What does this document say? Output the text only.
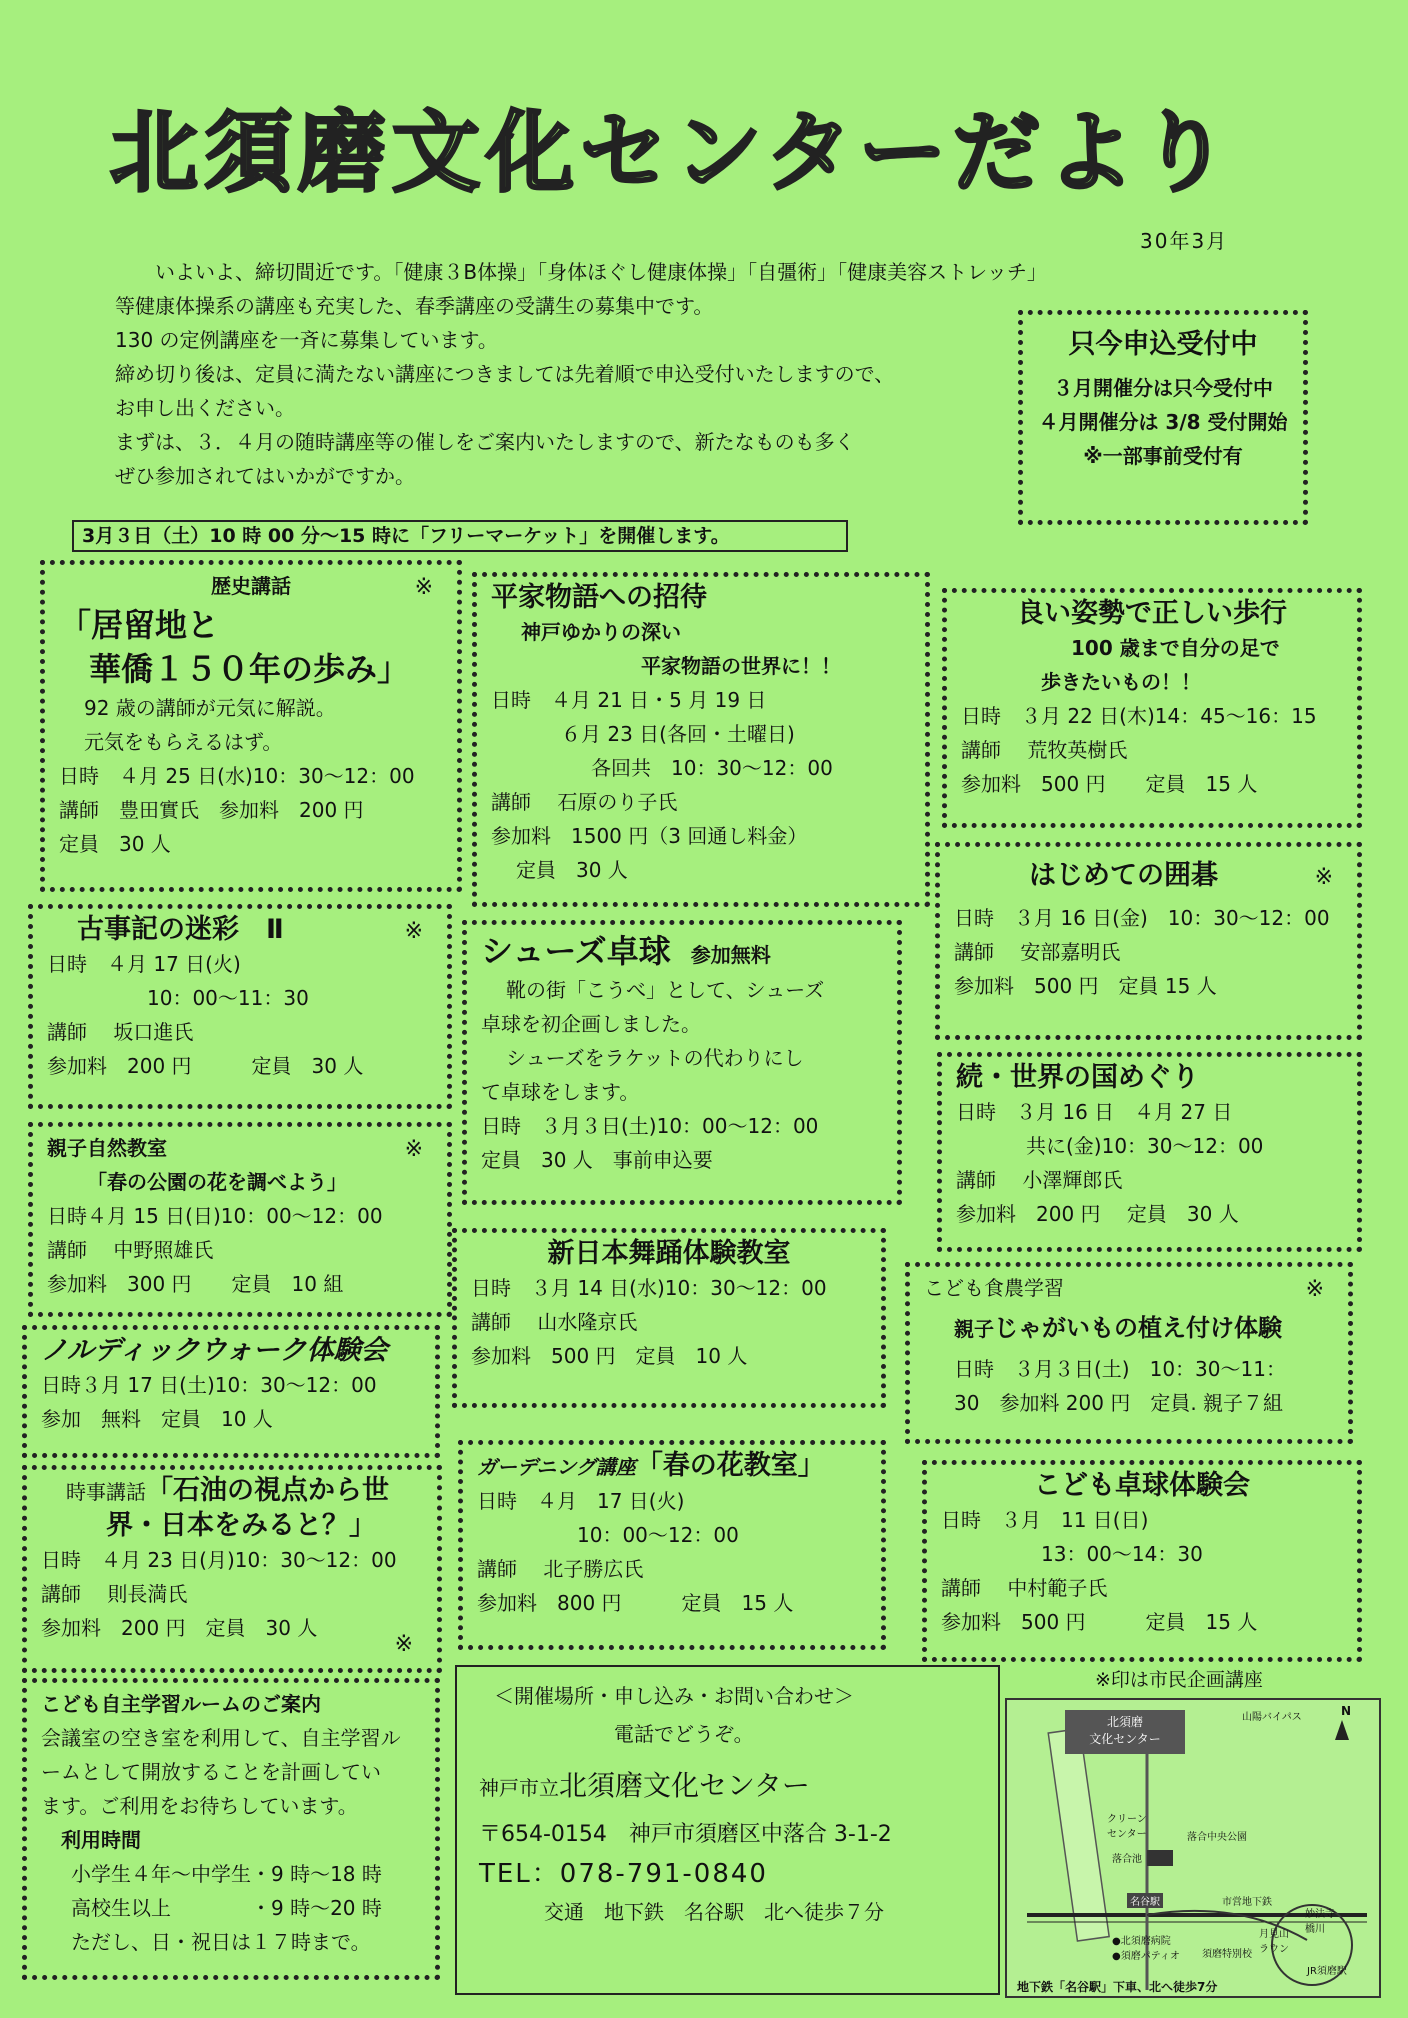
北須磨文化センターだより
30年3月

いよいよ、締切間近です。「健康３B体操」「身体ほぐし健康体操」「自彊術」「健康美容ストレッチ」

等健康体操系の講座も充実した、春季講座の受講生の募集中です。

130 の定例講座を一斉に募集しています。

締め切り後は、定員に満たない講座につきましては先着順で申込受付いたしますので、

お申し出ください。

まずは、３．４月の随時講座等の催しをご案内いたしますので、新たなものも多く

ぜひ参加されてはいかがですか。

只今申込受付中
３月開催分は只今受付中
４月開催分は 3/8 受付開始
※一部事前受付有
3月３日（土）10 時 00 分～15 時に「フリーマーケット」を開催します。
歴史講話	※
「居留地と
華僑１５０年の歩み」
92 歳の講師が元気に解説。
元気をもらえるはず。
日時　４月 25 日(水)10：30～12：00
講師　豊田實氏　参加料　200 円
定員　30 人
平家物語への招待
神戸ゆかりの深い
平家物語の世界に！！
日時　４月 21 日・5 月 19 日
６月 23 日(各回・土曜日)
各回共　10：30～12：00
講師　 石原のり子氏
参加料　1500 円（3 回通し料金）
定員　30 人
良い姿勢で正しい歩行
100 歳まで自分の足で
歩きたいもの！！
日時　３月 22 日(木)14：45～16：15
講師　 荒牧英樹氏
参加料　500 円　　定員　15 人
古事記の迷彩　Ⅱ	※
日時　４月 17 日(火)
10：00～11：30
講師　 坂口進氏
参加料　200 円　　　定員　30 人
シューズ卓球　 参加無料
靴の街「こうべ」として、シューズ
卓球を初企画しました。
シューズをラケットの代わりにし
て卓球をします。
日時　３月３日(土)10：00～12：00
定員　30 人　事前申込要
はじめての囲碁	※
日時　３月 16 日(金)　10：30～12：00
講師　 安部嘉明氏
参加料　500 円　定員 15 人
続・世界の国めぐり
日時　３月 16 日　４月 27 日
共に(金)10：30～12：00
講師　 小澤輝郎氏
参加料　200 円　 定員　30 人
親子自然教室	※
「春の公園の花を調べよう」
日時４月 15 日(日)10：00～12：00
講師　 中野照雄氏
参加料　300 円　　定員　10 組
新日本舞踊体験教室
日時　３月 14 日(水)10：30～12：00
講師　 山水隆京氏
参加料　500 円　定員　10 人
こども食農学習	※
親子じゃがいもの植え付け体験
日時　３月３日(土)　10：30～11：
30　参加料 200 円　定員. 親子７組
ノルディックウォーク体験会
日時３月 17 日(土)10：30～12：00
参加　無料　定員　10 人
時事講話「石油の視点から世
界・日本をみると？」
日時　４月 23 日(月)10：30～12：00
講師　 則長満氏
参加料　200 円　定員　30 人
※
ガーデニング講座「春の花教室」
日時　４月　17 日(火)
10：00～12：00
講師　 北子勝広氏
参加料　800 円　　　定員　15 人
こども卓球体験会
日時　３月　11 日(日)
13：00～14：30
講師　 中村範子氏
参加料　500 円　　　定員　15 人
※印は市民企画講座
こども自主学習ルームのご案内
会議室の空き室を利用して、自主学習ル
ームとして開放することを計画してい
ます。ご利用をお待ちしています。
利用時間
小学生４年～中学生・9 時～18 時
高校生以上　　　　・9 時～20 時
ただし、日・祝日は１７時まで。
＜開催場所・申し込み・お問い合わせ＞
電話でどうぞ。
神戸市立北須磨文化センター
〒654-0154　神戸市須磨区中落合 3-1-2
TEL：078-791-0840
交通　地下鉄　名谷駅　北へ徒歩７分
北須磨
文化センター
山陽バイパス	N
クリーン
センター	落合中央公園
落合池
名谷駅	市営地下鉄
●北須磨病院
●須磨パティオ 須磨特別校
妙法寺
橋川
月見山
ラウン
JR須磨駅
地下鉄「名谷駅」下車、北へ徒歩7分
